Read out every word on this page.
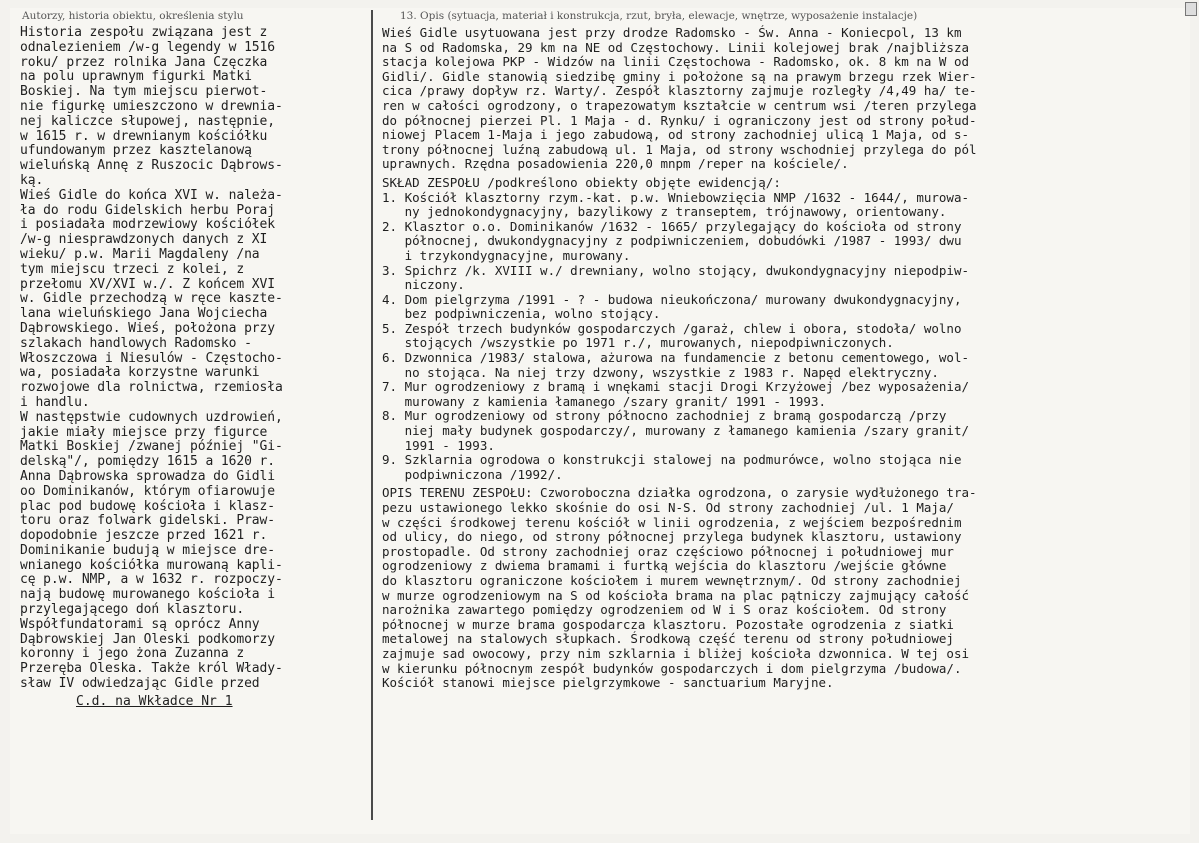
Autorzy, historia obiektu, określenia stylu	13. Opis (sytuacja, materiał i konstrukcja, rzut, bryła, elewacje, wnętrze, wyposażenie instalacje)
Historia zespołu związana jest z
odnalezieniem /w-g legendy w 1516
roku/ przez rolnika Jana Częczka
na polu uprawnym figurki Matki
Boskiej. Na tym miejscu pierwot-
nie figurkę umieszczono w drewnia-
nej kaliczce słupowej, następnie,
w 1615 r. w drewnianym kościółku
ufundowanym przez kasztelanową
wieluńską Annę z Ruszocic Dąbrows-
ką.
Wieś Gidle do końca XVI w. należa-
ła do rodu Gidelskich herbu Poraj
i posiadała modrzewiowy kościółek
/w-g niesprawdzonych danych z XI
wieku/ p.w. Marii Magdaleny /na
tym miejscu trzeci z kolei, z
przełomu XV/XVI w./. Z końcem XVI
w. Gidle przechodzą w ręce kaszte-
lana wieluńskiego Jana Wojciecha
Dąbrowskiego. Wieś, położona przy
szlakach handlowych Radomsko -
Włoszczowa i Niesulów - Częstocho-
wa, posiadała korzystne warunki
rozwojowe dla rolnictwa, rzemiosła
i handlu.
W następstwie cudownych uzdrowień,
jakie miały miejsce przy figurce
Matki Boskiej /zwanej później "Gi-
delską"/, pomiędzy 1615 a 1620 r.
Anna Dąbrowska sprowadza do Gidli
oo Dominikanów, którym ofiarowuje
plac pod budowę kościoła i klasz-
toru oraz folwark gidelski. Praw-
dopodobnie jeszcze przed 1621 r.
Dominikanie budują w miejsce dre-
wnianego kościółka murowaną kapli-
cę p.w. NMP, a w 1632 r. rozpoczy-
nają budowę murowanego kościoła i
przylegającego doń klasztoru.
Współfundatorami są oprócz Anny
Dąbrowskiej Jan Oleski podkomorzy
koronny i jego żona Zuzanna z
Przeręba Oleska. Także król Włady-
sław IV odwiedzając Gidle przed
C.d. na Wkładce Nr 1
Wieś Gidle usytuowana jest przy drodze Radomsko - Św. Anna - Koniecpol, 13 km
na S od Radomska, 29 km na NE od Częstochowy. Linii kolejowej brak /najbliższa
stacja kolejowa PKP - Widzów na linii Częstochowa - Radomsko, ok. 8 km na W od
Gidli/. Gidle stanowią siedzibę gminy i położone są na prawym brzegu rzek Wier-
cica /prawy dopływ rz. Warty/. Zespół klasztorny zajmuje rozległy /4,49 ha/ te-
ren w całości ogrodzony, o trapezowatym kształcie w centrum wsi /teren przylega
do północnej pierzei Pl. 1 Maja - d. Rynku/ i ograniczony jest od strony połud-
niowej Placem 1-Maja i jego zabudową, od strony zachodniej ulicą 1 Maja, od s-
trony północnej luźną zabudową ul. 1 Maja, od strony wschodniej przylega do pól
uprawnych. Rzędna posadowienia 220,0 mnpm /reper na kościele/.
SKŁAD ZESPOŁU /podkreślono obiekty objęte ewidencją/:
1. Kościół klasztorny rzym.-kat. p.w. Wniebowzięcia NMP /1632 - 1644/, murowa-
ny jednokondygnacyjny, bazylikowy z transeptem, trójnawowy, orientowany.
2. Klasztor o.o. Dominikanów /1632 - 1665/ przylegający do kościoła od strony
północnej, dwukondygnacyjny z podpiwniczeniem, dobudówki /1987 - 1993/ dwu
i trzykondygnacyjne, murowany.
3. Spichrz /k. XVIII w./ drewniany, wolno stojący, dwukondygnacyjny niepodpiw-
niczony.
4. Dom pielgrzyma /1991 - ? - budowa nieukończona/ murowany dwukondygnacyjny,
bez podpiwniczenia, wolno stojący.
5. Zespół trzech budynków gospodarczych /garaż, chlew i obora, stodoła/ wolno
stojących /wszystkie po 1971 r./, murowanych, niepodpiwniczonych.
6. Dzwonnica /1983/ stalowa, ażurowa na fundamencie z betonu cementowego, wol-
no stojąca. Na niej trzy dzwony, wszystkie z 1983 r. Napęd elektryczny.
7. Mur ogrodzeniowy z bramą i wnękami stacji Drogi Krzyżowej /bez wyposażenia/
murowany z kamienia łamanego /szary granit/ 1991 - 1993.
8. Mur ogrodzeniowy od strony północno zachodniej z bramą gospodarczą /przy
niej mały budynek gospodarczy/, murowany z łamanego kamienia /szary granit/
1991 - 1993.
9. Szklarnia ogrodowa o konstrukcji stalowej na podmurówce, wolno stojąca nie
podpiwniczona /1992/.
OPIS TERENU ZESPOŁU: Czworoboczna działka ogrodzona, o zarysie wydłużonego tra-
pezu ustawionego lekko skośnie do osi N-S. Od strony zachodniej /ul. 1 Maja/
w części środkowej terenu kościół w linii ogrodzenia, z wejściem bezpośrednim
od ulicy, do niego, od strony północnej przylega budynek klasztoru, ustawiony
prostopadle. Od strony zachodniej oraz częściowo północnej i południowej mur
ogrodzeniowy z dwiema bramami i furtką wejścia do klasztoru /wejście główne
do klasztoru ograniczone kościołem i murem wewnętrznym/. Od strony zachodniej
w murze ogrodzeniowym na S od kościoła brama na plac pątniczy zajmujący całość
narożnika zawartego pomiędzy ogrodzeniem od W i S oraz kościołem. Od strony
północnej w murze brama gospodarcza klasztoru. Pozostałe ogrodzenia z siatki
metalowej na stalowych słupkach. Środkową część terenu od strony południowej
zajmuje sad owocowy, przy nim szklarnia i bliżej kościoła dzwonnica. W tej osi
w kierunku północnym zespół budynków gospodarczych i dom pielgrzyma /budowa/.
Kościół stanowi miejsce pielgrzymkowe - sanctuarium Maryjne.
